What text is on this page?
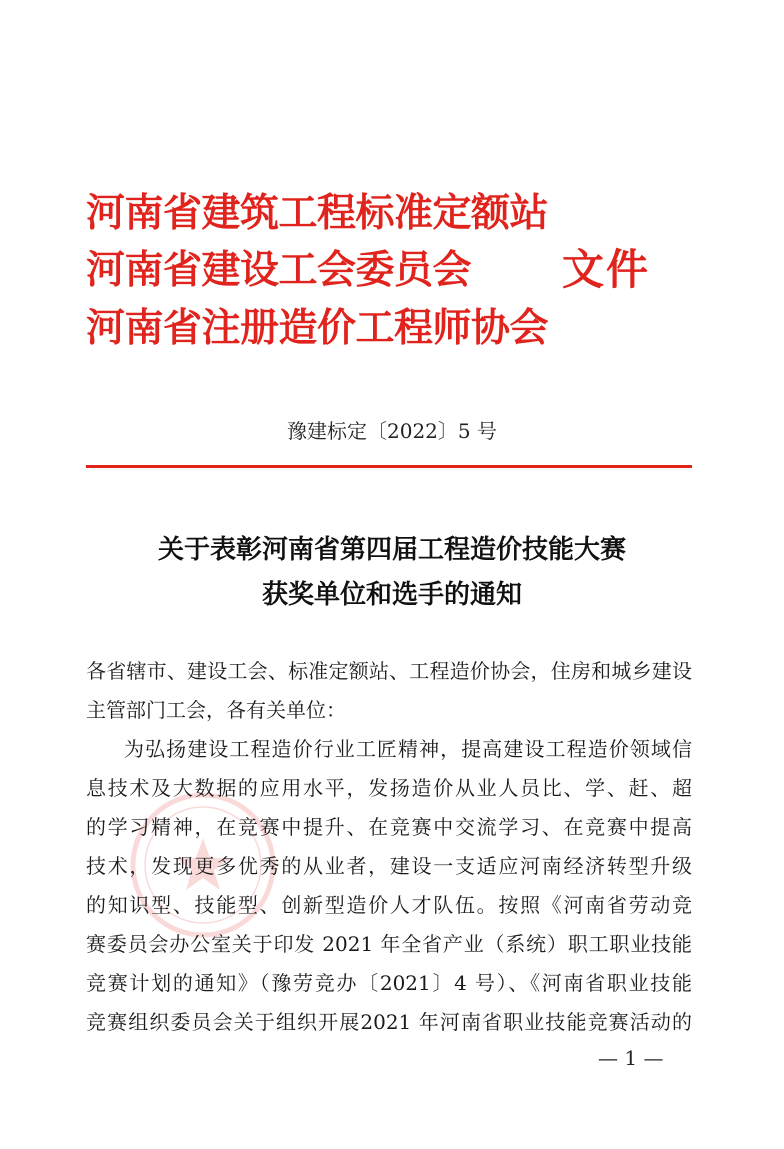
河南省建筑工程标准定额站
河南省建设工会委员会
河南省注册造价工程师协会
文件
豫建标定〔2022〕5 号
关于表彰河南省第四届工程造价技能大赛
获奖单位和选手的通知
各省辖市、建设工会、标准定额站、工程造价协会，住房和城乡建设
主管部门工会，各有关单位：
为弘扬建设工程造价行业工匠精神，提高建设工程造价领域信
息技术及大数据的应用水平，发扬造价从业人员比、学、赶、超
的学习精神，在竞赛中提升、在竞赛中交流学习、在竞赛中提高
技术，发现更多优秀的从业者，建设一支适应河南经济转型升级
的知识型、技能型、创新型造价人才队伍。按照《河南省劳动竞
赛委员会办公室关于印发 2021 年全省产业（系统）职工职业技能
竞赛计划的通知》（豫劳竞办〔2021〕4 号）、《河南省职业技能
竞赛组织委员会关于组织开展2021 年河南省职业技能竞赛活动的
— 1 —
